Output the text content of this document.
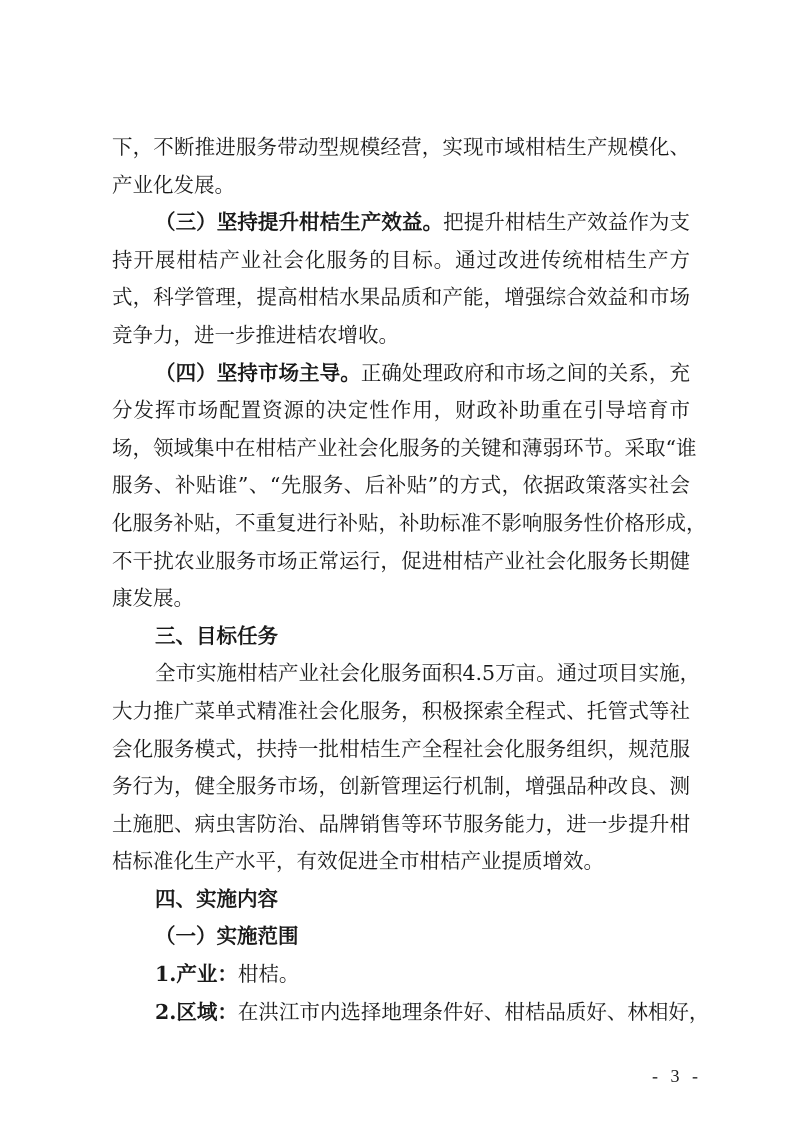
下，不断推进服务带动型规模经营，实现市域柑桔生产规模化、
产业化发展。
（三）坚持提升柑桔生产效益。把提升柑桔生产效益作为支
持开展柑桔产业社会化服务的目标。通过改进传统柑桔生产方
式，科学管理，提高柑桔水果品质和产能，增强综合效益和市场
竞争力，进一步推进桔农增收。
（四）坚持市场主导。正确处理政府和市场之间的关系，充
分发挥市场配置资源的决定性作用，财政补助重在引导培育市
场，领域集中在柑桔产业社会化服务的关键和薄弱环节。采取“谁
服务、补贴谁”、“先服务、后补贴”的方式，依据政策落实社会
化服务补贴，不重复进行补贴，补助标准不影响服务性价格形成，
不干扰农业服务市场正常运行，促进柑桔产业社会化服务长期健
康发展。
三、目标任务
全市实施柑桔产业社会化服务面积4.5万亩。通过项目实施，
大力推广菜单式精准社会化服务，积极探索全程式、托管式等社
会化服务模式，扶持一批柑桔生产全程社会化服务组织，规范服
务行为，健全服务市场，创新管理运行机制，增强品种改良、测
土施肥、病虫害防治、品牌销售等环节服务能力，进一步提升柑
桔标准化生产水平，有效促进全市柑桔产业提质增效。
四、实施内容
（一）实施范围
1.产业：柑桔。
2.区域：在洪江市内选择地理条件好、柑桔品质好、林相好，
- 3 -
